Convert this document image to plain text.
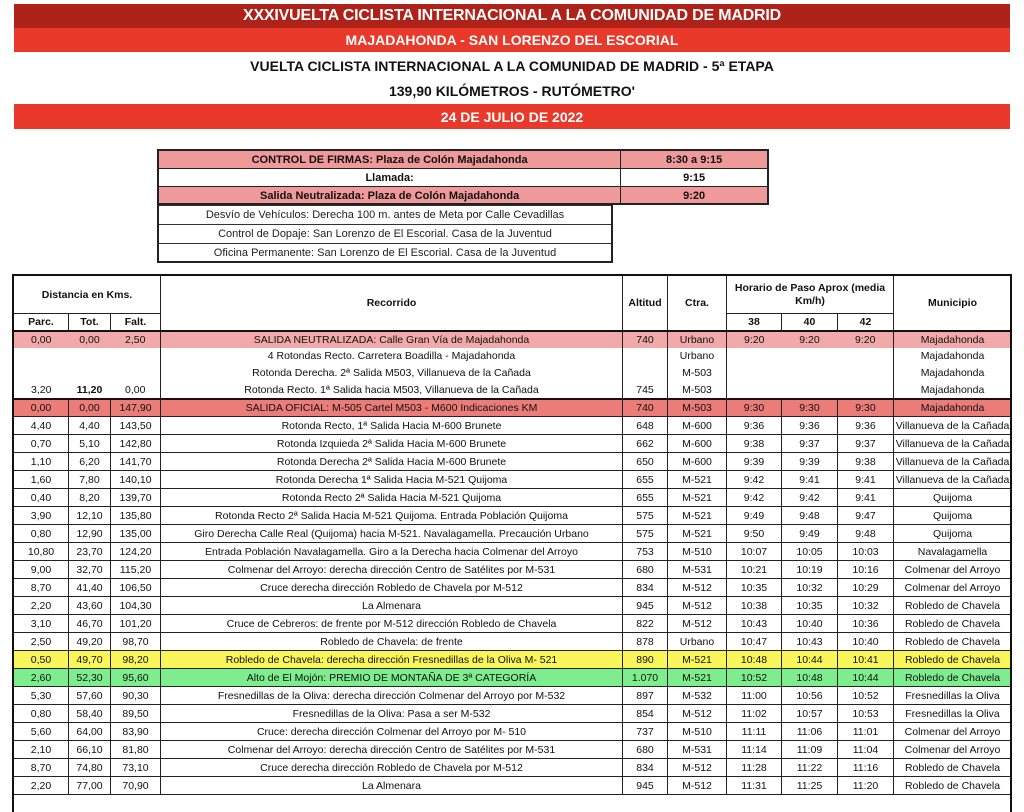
XXXIVUELTA CICLISTA INTERNACIONAL A LA COMUNIDAD DE MADRID
MAJADAHONDA - SAN LORENZO DEL ESCORIAL
VUELTA CICLISTA INTERNACIONAL A LA COMUNIDAD DE MADRID - 5ª ETAPA
139,90 KILÓMETROS - RUTÓMETRO'
24 DE JULIO DE 2022
CONTROL DE FIRMAS: Plaza de Colón Majadahonda	8:30 a 9:15
Llamada:	9:15
Salida Neutralizada: Plaza de Colón Majadahonda	9:20
Desvío de Vehículos: Derecha 100 m. antes de Meta por Calle Cevadillas
Control de Dopaje: San Lorenzo de El Escorial. Casa de la Juventud
Oficina Permanente: San Lorenzo de El Escorial. Casa de la Juventud
Distancia en Kms.			Recorrido	Altitud	Ctra.	Horario de Paso Aprox (media Km/h)			Municipio
Parc.	Tot.	Falt.				38	40	42	
0,00	0,00	2,50	SALIDA NEUTRALIZADA: Calle Gran Vía de Majadahonda	740	Urbano	9:20	9:20	9:20	Majadahonda
			4 Rotondas Recto. Carretera Boadilla - Majadahonda		Urbano				Majadahonda
			Rotonda Derecha. 2ª Salida M503, Villanueva de la Cañada		M-503				Majadahonda
3,20	11,20	0,00	Rotonda Recto. 1ª Salida hacia M503, Villanueva de la Cañada	745	M-503				Majadahonda
0,00	0,00	147,90	SALIDA OFICIAL: M-505 Cartel M503 - M600 Indicaciones KM	740	M-503	9:30	9:30	9:30	Majadahonda
4,40	4,40	143,50	Rotonda Recto, 1ª Salida Hacia M-600 Brunete	648	M-600	9:36	9:36	9:36	Villanueva de la Cañada
0,70	5,10	142,80	Rotonda Izquieda 2ª Salida Hacia M-600 Brunete	662	M-600	9:38	9:37	9:37	Villanueva de la Cañada
1,10	6,20	141,70	Rotonda Derecha 2ª Salida Hacia M-600 Brunete	650	M-600	9:39	9:39	9:38	Villanueva de la Cañada
1,60	7,80	140,10	Rotonda Derecha 1ª Salida Hacia M-521 Quijoma	655	M-521	9:42	9:41	9:41	Villanueva de la Cañada
0,40	8,20	139,70	Rotonda Recto 2ª Salida Hacia M-521 Quijoma	655	M-521	9:42	9:42	9:41	Quijoma
3,90	12,10	135,80	Rotonda Recto 2ª Salida Hacia M-521 Quijoma. Entrada Población Quijoma	575	M-521	9:49	9:48	9:47	Quijoma
0,80	12,90	135,00	Giro Derecha Calle Real (Quijoma) hacia M-521. Navalagamella. Precaución Urbano	575	M-521	9:50	9:49	9:48	Quijoma
10,80	23,70	124,20	Entrada Población Navalagamella. Giro a la Derecha hacia Colmenar del Arroyo	753	M-510	10:07	10:05	10:03	Navalagamella
9,00	32,70	115,20	Colmenar del Arroyo: derecha dirección Centro de Satélites por M-531	680	M-531	10:21	10:19	10:16	Colmenar del Arroyo
8,70	41,40	106,50	Cruce derecha dirección Robledo de Chavela por M-512	834	M-512	10:35	10:32	10:29	Colmenar del Arroyo
2,20	43,60	104,30	La Almenara	945	M-512	10:38	10:35	10:32	Robledo de Chavela
3,10	46,70	101,20	Cruce de Cebreros: de frente por M-512 dirección Robledo de Chavela	822	M-512	10:43	10:40	10:36	Robledo de Chavela
2,50	49,20	98,70	Robledo de Chavela: de frente	878	Urbano	10:47	10:43	10:40	Robledo de Chavela
0,50	49,70	98,20	Robledo de Chavela: derecha dirección Fresnedillas de la Oliva M- 521	890	M-521	10:48	10:44	10:41	Robledo de Chavela
2,60	52,30	95,60	Alto de El Mojón: PREMIO DE MONTAÑA DE 3ª CATEGORÍA	1.070	M-521	10:52	10:48	10:44	Robledo de Chavela
5,30	57,60	90,30	Fresnedillas de la Oliva: derecha dirección Colmenar del Arroyo por M-532	897	M-532	11:00	10:56	10:52	Fresnedillas la Oliva
0,80	58,40	89,50	Fresnedillas de la Oliva: Pasa a ser M-532	854	M-512	11:02	10:57	10:53	Fresnedillas la Oliva
5,60	64,00	83,90	Cruce: derecha dirección Colmenar del Arroyo por M- 510	737	M-510	11:11	11:06	11:01	Colmenar del Arroyo
2,10	66,10	81,80	Colmenar del Arroyo: derecha dirección Centro de Satélites por M-531	680	M-531	11:14	11:09	11:04	Colmenar del Arroyo
8,70	74,80	73,10	Cruce derecha dirección Robledo de Chavela por M-512	834	M-512	11:28	11:22	11:16	Robledo de Chavela
2,20	77,00	70,90	La Almenara	945	M-512	11:31	11:25	11:20	Robledo de Chavela
